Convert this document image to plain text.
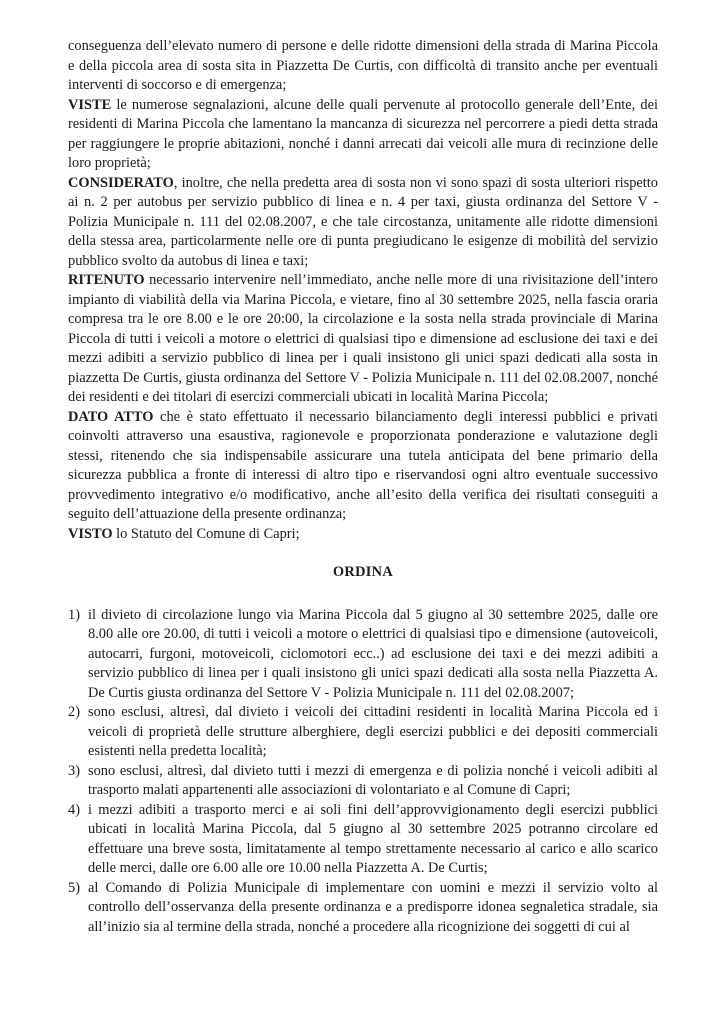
conseguenza dell’elevato numero di persone e delle ridotte dimensioni della strada di Marina Piccola e della piccola area di sosta sita in Piazzetta De Curtis, con difficoltà di transito anche per eventuali interventi di soccorso e di emergenza;

VISTE le numerose segnalazioni, alcune delle quali pervenute al protocollo generale dell’Ente, dei residenti di Marina Piccola che lamentano la mancanza di sicurezza nel percorrere a piedi detta strada per raggiungere le proprie abitazioni, nonché i danni arrecati dai veicoli alle mura di recinzione delle loro proprietà;

CONSIDERATO, inoltre, che nella predetta area di sosta non vi sono spazi di sosta ulteriori rispetto ai n. 2 per autobus per servizio pubblico di linea e n. 4 per taxi, giusta ordinanza del Settore V - Polizia Municipale n. 111 del 02.08.2007, e che tale circostanza, unitamente alle ridotte dimensioni della stessa area, particolarmente nelle ore di punta pregiudicano le esigenze di mobilità del servizio pubblico svolto da autobus di linea e taxi;

RITENUTO necessario intervenire nell’immediato, anche nelle more di una rivisitazione dell’intero impianto di viabilità della via Marina Piccola, e vietare, fino al 30 settembre 2025, nella fascia oraria compresa tra le ore 8.00 e le ore 20:00, la circolazione e la sosta nella strada provinciale di Marina Piccola di tutti i veicoli a motore o elettrici di qualsiasi tipo e dimensione ad esclusione dei taxi e dei mezzi adibiti a servizio pubblico di linea per i quali insistono gli unici spazi dedicati alla sosta in piazzetta De Curtis, giusta ordinanza del Settore V - Polizia Municipale n. 111 del 02.08.2007, nonché dei residenti e dei titolari di esercizi commerciali ubicati in località Marina Piccola;

DATO ATTO che è stato effettuato il necessario bilanciamento degli interessi pubblici e privati coinvolti attraverso una esaustiva, ragionevole e proporzionata ponderazione e valutazione degli stessi, ritenendo che sia indispensabile assicurare una tutela anticipata del bene primario della sicurezza pubblica a fronte di interessi di altro tipo e riservandosi ogni altro eventuale successivo provvedimento integrativo e/o modificativo, anche all’esito della verifica dei risultati conseguiti a seguito dell’attuazione della presente ordinanza;

VISTO lo Statuto del Comune di Capri;

ORDINA

1) il divieto di circolazione lungo via Marina Piccola dal 5 giugno al 30 settembre 2025, dalle ore 8.00 alle ore 20.00, di tutti i veicoli a motore o elettrici di qualsiasi tipo e dimensione (autoveicoli, autocarri, furgoni, motoveicoli, ciclomotori ecc..) ad esclusione dei taxi e dei mezzi adibiti a servizio pubblico di linea per i quali insistono gli unici spazi dedicati alla sosta nella Piazzetta A. De Curtis giusta ordinanza del Settore V - Polizia Municipale n. 111 del 02.08.2007;

2) sono esclusi, altresì, dal divieto i veicoli dei cittadini residenti in località Marina Piccola ed i veicoli di proprietà delle strutture alberghiere, degli esercizi pubblici e dei depositi commerciali esistenti nella predetta località;

3) sono esclusi, altresì, dal divieto tutti i mezzi di emergenza e di polizia nonché i veicoli adibiti al trasporto malati appartenenti alle associazioni di volontariato e al Comune di Capri;

4) i mezzi adibiti a trasporto merci e ai soli fini dell’approvvigionamento degli esercizi pubblici ubicati in località Marina Piccola, dal 5 giugno al 30 settembre 2025 potranno circolare ed effettuare una breve sosta, limitatamente al tempo strettamente necessario al carico e allo scarico delle merci, dalle ore 6.00 alle ore 10.00 nella Piazzetta A. De Curtis;

5) al Comando di Polizia Municipale di implementare con uomini e mezzi il servizio volto al controllo dell’osservanza della presente ordinanza e a predisporre idonea segnaletica stradale, sia all’inizio sia al termine della strada, nonché a procedere alla ricognizione dei soggetti di cui al
